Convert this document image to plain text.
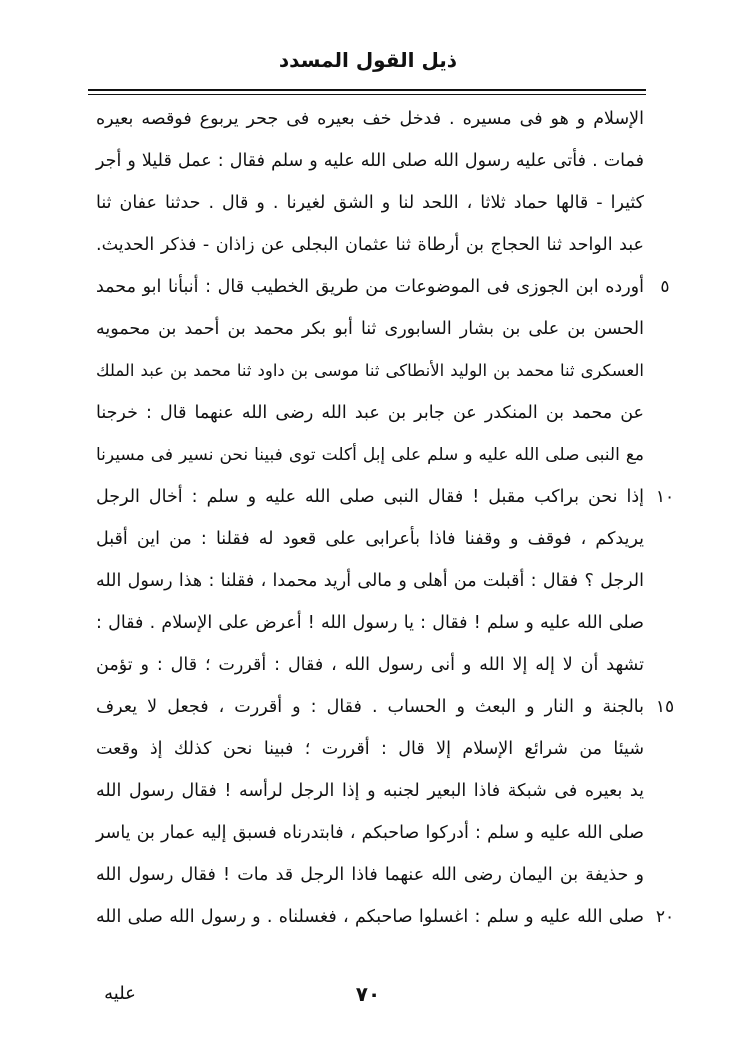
ذيل القول المسدد
الإسلام و هو فى مسيره . فدخل خف بعيره فى جحر يربوع فوقصه بعيره
فمات . فأتى عليه رسول الله صلى الله عليه و سلم فقال : عمل قليلا و أجر
كثيرا - قالها حماد ثلاثا ، اللحد لنا و الشق لغيرنا . و قال . حدثنا عفان ثنا
عبد الواحد ثنا الحجاج بن أرطاة ثنا عثمان البجلى عن زاذان - فذكر الحديث.
أورده ابن الجوزى فى الموضوعات من طريق الخطيب قال : أنبأنا ابو محمد
الحسن بن على بن بشار السابورى ثنا أبو بكر محمد بن أحمد بن محمويه
العسكرى ثنا محمد بن الوليد الأنطاكى ثنا موسى بن داود ثنا محمد بن عبد الملك
عن محمد بن المنكدر عن جابر بن عبد الله رضى الله عنهما قال : خرجنا
مع النبى صلى الله عليه و سلم على إبل أكلت توى فبينا نحن نسير فى مسيرنا
إذا نحن براكب مقبل ! فقال النبى صلى الله عليه و سلم : أخال الرجل
يريدكم ، فوقف و وقفنا فاذا بأعرابى على قعود له فقلنا : من اين أقبل
الرجل ؟ فقال : أقبلت من أهلى و مالى أريد محمدا ، فقلنا : هذا رسول الله
صلى الله عليه و سلم ! فقال : يا رسول الله ! أعرض على الإسلام . فقال :
تشهد أن لا إله إلا الله و أنى رسول الله ، فقال : أقررت ؛ قال : و تؤمن
بالجنة و النار و البعث و الحساب . فقال : و أقررت ، فجعل لا يعرف
شيئا من شرائع الإسلام إلا قال : أقررت ؛ فبينا نحن كذلك إذ وقعت
يد بعيره فى شبكة فاذا البعير لجنبه و إذا الرجل لرأسه ! فقال رسول الله
صلى الله عليه و سلم : أدركوا صاحبكم ، فابتدرناه فسبق إليه عمار بن ياسر
و حذيفة بن اليمان رضى الله عنهما فاذا الرجل قد مات ! فقال رسول الله
صلى الله عليه و سلم : اغسلوا صاحبكم ، فغسلناه . و رسول الله صلى الله
٥
١٠
١٥
٢٠
٧٠
عليه
